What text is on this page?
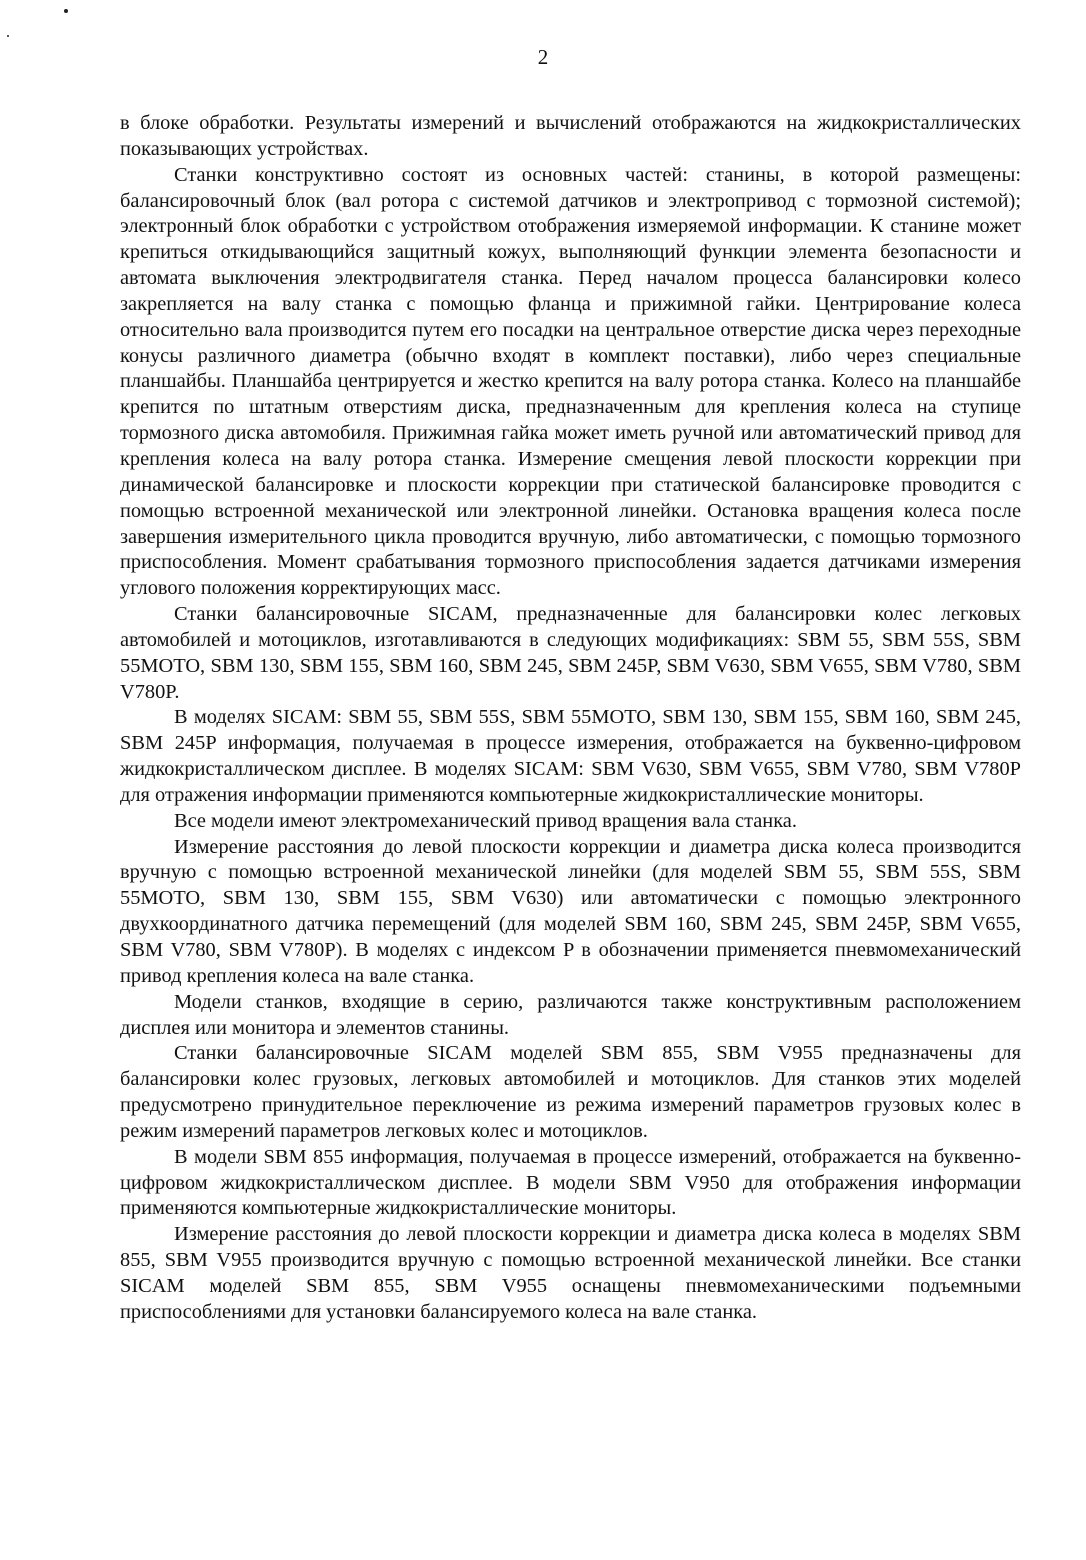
2

в блоке обработки. Результаты измерений и вычислений отображаются на жидкокристаллических показывающих устройствах.

Станки конструктивно состоят из основных частей: станины, в которой размещены: балансировочный блок (вал ротора с системой датчиков и электропривод с тормозной системой); электронный блок обработки с устройством отображения измеряемой информации. К станине может крепиться откидывающийся защитный кожух, выполняющий функции элемента безопасности и автомата выключения электродвигателя станка. Перед началом процесса балансировки колесо закрепляется на валу станка с помощью фланца и прижимной гайки. Центрирование колеса относительно вала производится путем его посадки на центральное отверстие диска через переходные конусы различного диаметра (обычно входят в комплект поставки), либо через специальные планшайбы. Планшайба центрируется и жестко крепится на валу ротора станка. Колесо на планшайбе крепится по штатным отверстиям диска, предназначенным для крепления колеса на ступице тормозного диска автомобиля. Прижимная гайка может иметь ручной или автоматический привод для крепления колеса на валу ротора станка. Измерение смещения левой плоскости коррекции при динамической балансировке и плоскости коррекции при статической балансировке проводится с помощью встроенной механической или электронной линейки. Остановка вращения колеса после завершения измерительного цикла проводится вручную, либо автоматически, с помощью тормозного приспособления. Момент срабатывания тормозного приспособления задается датчиками измерения углового положения корректирующих масс.

Станки балансировочные SICAM, предназначенные для балансировки колес легковых автомобилей и мотоциклов, изготавливаются в следующих модификациях: SBM 55, SBM 55S, SBM 55MOTO, SBM 130, SBM 155, SBM 160, SBM 245, SBM 245P, SBM V630, SBM V655, SBM V780, SBM V780P.

В моделях SICAM: SBM 55, SBM 55S, SBM 55MOTO, SBM 130, SBM 155, SBM 160, SBM 245, SBM 245P информация, получаемая в процессе измерения, отображается на буквенно-цифровом жидкокристаллическом дисплее. В моделях SICAM: SBM V630, SBM V655, SBM V780, SBM V780P для отражения информации применяются компьютерные жидкокристаллические мониторы.

Все модели имеют электромеханический привод вращения вала станка.

Измерение расстояния до левой плоскости коррекции и диаметра диска колеса производится вручную с помощью встроенной механической линейки (для моделей SBM 55, SBM 55S, SBM 55MOTO, SBM 130, SBM 155, SBM V630) или автоматически с помощью электронного двухкоординатного датчика перемещений (для моделей SBM 160, SBM 245, SBM 245P, SBM V655, SBM V780, SBM V780P). В моделях с индексом P в обозначении применяется пневмомеханический привод крепления колеса на вале станка.

Модели станков, входящие в серию, различаются также конструктивным расположением дисплея или монитора и элементов станины.

Станки балансировочные SICAM моделей SBM 855, SBM V955 предназначены для балансировки колес грузовых, легковых автомобилей и мотоциклов. Для станков этих моделей предусмотрено принудительное переключение из режима измерений параметров грузовых колес в режим измерений параметров легковых колес и мотоциклов.

В модели SBM 855 информация, получаемая в процессе измерений, отображается на буквенно-цифровом жидкокристаллическом дисплее. В модели SBM V950 для отображения информации применяются компьютерные жидкокристаллические мониторы.

Измерение расстояния до левой плоскости коррекции и диаметра диска колеса в моделях SBM 855, SBM V955 производится вручную с помощью встроенной механической линейки. Все станки SICAM моделей SBM 855, SBM V955 оснащены пневмомеханическими подъемными приспособлениями для установки балансируемого колеса на вале станка.
